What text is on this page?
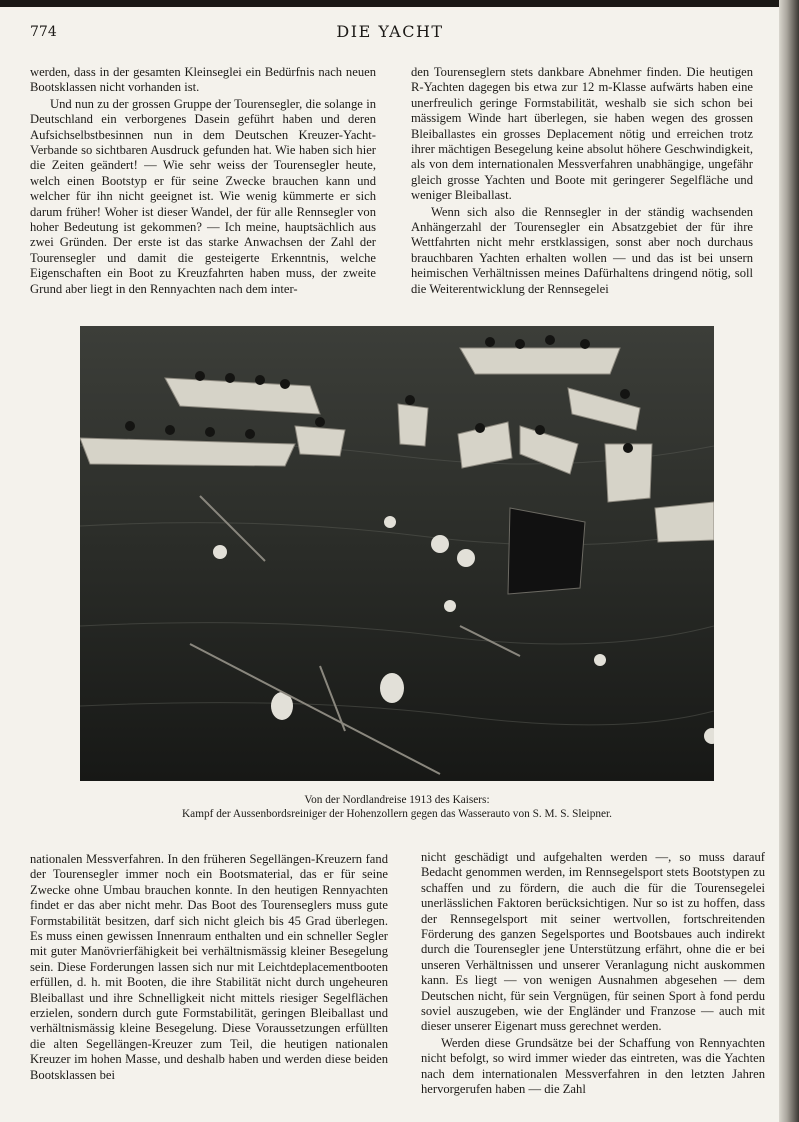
774	DIE YACHT

werden, dass in der gesamten Kleinseglei ein Bedürfnis nach neuen Bootsklassen nicht vorhanden ist.

Und nun zu der grossen Gruppe der Tourensegler, die solange in Deutschland ein verborgenes Dasein geführt haben und deren Aufsichselbstbesinnen nun in dem Deutschen Kreuzer-Yacht-Verbande so sichtbaren Ausdruck gefunden hat. Wie haben sich hier die Zeiten geändert! — Wie sehr weiss der Tourensegler heute, welch einen Bootstyp er für seine Zwecke brauchen kann und welcher für ihn nicht geeignet ist. Wie wenig kümmerte er sich darum früher! Woher ist dieser Wandel, der für alle Rennsegler von hoher Bedeutung ist gekommen? — Ich meine, hauptsächlich aus zwei Gründen. Der erste ist das starke Anwachsen der Zahl der Tourensegler und damit die gesteigerte Erkenntnis, welche Eigenschaften ein Boot zu Kreuzfahrten haben muss, der zweite Grund aber liegt in den Rennyachten nach dem inter-

den Tourenseglern stets dankbare Abnehmer finden. Die heutigen R-Yachten dagegen bis etwa zur 12 m-Klasse aufwärts haben eine unerfreulich geringe Formstabilität, weshalb sie sich schon bei mässigem Winde hart überlegen, sie haben wegen des grossen Bleiballastes ein grosses Deplacement nötig und erreichen trotz ihrer mächtigen Besegelung keine absolut höhere Geschwindigkeit, als von dem internationalen Messverfahren unabhängige, ungefähr gleich grosse Yachten und Boote mit geringerer Segelfläche und weniger Bleiballast.

Wenn sich also die Rennsegler in der ständig wachsenden Anhängerzahl der Tourensegler ein Absatzgebiet der für ihre Wettfahrten nicht mehr erstklassigen, sonst aber noch durchaus brauchbaren Yachten erhalten wollen — und das ist bei unsern heimischen Verhältnissen meines Dafürhaltens dringend nötig, soll die Weiterentwicklung der Rennsegelei

Von der Nordlandreise 1913 des Kaisers:
Kampf der Aussenbordsreiniger der Hohenzollern gegen das Wasserauto von S. M. S. Sleipner.

nationalen Messverfahren. In den früheren Segellängen-Kreuzern fand der Tourensegler immer noch ein Bootsmaterial, das er für seine Zwecke ohne Umbau brauchen konnte. In den heutigen Rennyachten findet er das aber nicht mehr. Das Boot des Tourenseglers muss gute Formstabilität besitzen, darf sich nicht gleich bis 45 Grad überlegen. Es muss einen gewissen Innenraum enthalten und ein schneller Segler mit guter Manövrierfähigkeit bei verhältnismässig kleiner Besegelung sein. Diese Forderungen lassen sich nur mit Leichtdeplacementbooten erfüllen, d. h. mit Booten, die ihre Stabilität nicht durch ungeheuren Bleiballast und ihre Schnelligkeit nicht mittels riesiger Segelflächen erzielen, sondern durch gute Formstabilität, geringen Bleiballast und verhältnismässig kleine Besegelung. Diese Voraussetzungen erfüllten die alten Segellängen-Kreuzer zum Teil, die heutigen nationalen Kreuzer im hohen Masse, und deshalb haben und werden diese beiden Bootsklassen bei

nicht geschädigt und aufgehalten werden —, so muss darauf Bedacht genommen werden, im Rennsegelsport stets Bootstypen zu schaffen und zu fördern, die auch die für die Tourensegelei unerlässlichen Faktoren berücksichtigen. Nur so ist zu hoffen, dass der Rennsegelsport mit seiner wertvollen, fortschreitenden Förderung des ganzen Segelsportes und Bootsbaues auch indirekt durch die Tourensegler jene Unterstützung erfährt, ohne die er bei unseren Verhältnissen und unserer Veranlagung nicht auskommen kann. Es liegt — von wenigen Ausnahmen abgesehen — dem Deutschen nicht, für sein Vergnügen, für seinen Sport à fond perdu soviel auszugeben, wie der Engländer und Franzose — auch mit dieser unserer Eigenart muss gerechnet werden.

Werden diese Grundsätze bei der Schaffung von Rennyachten nicht befolgt, so wird immer wieder das eintreten, was die Yachten nach dem internationalen Messverfahren in den letzten Jahren hervorgerufen haben — die Zahl
